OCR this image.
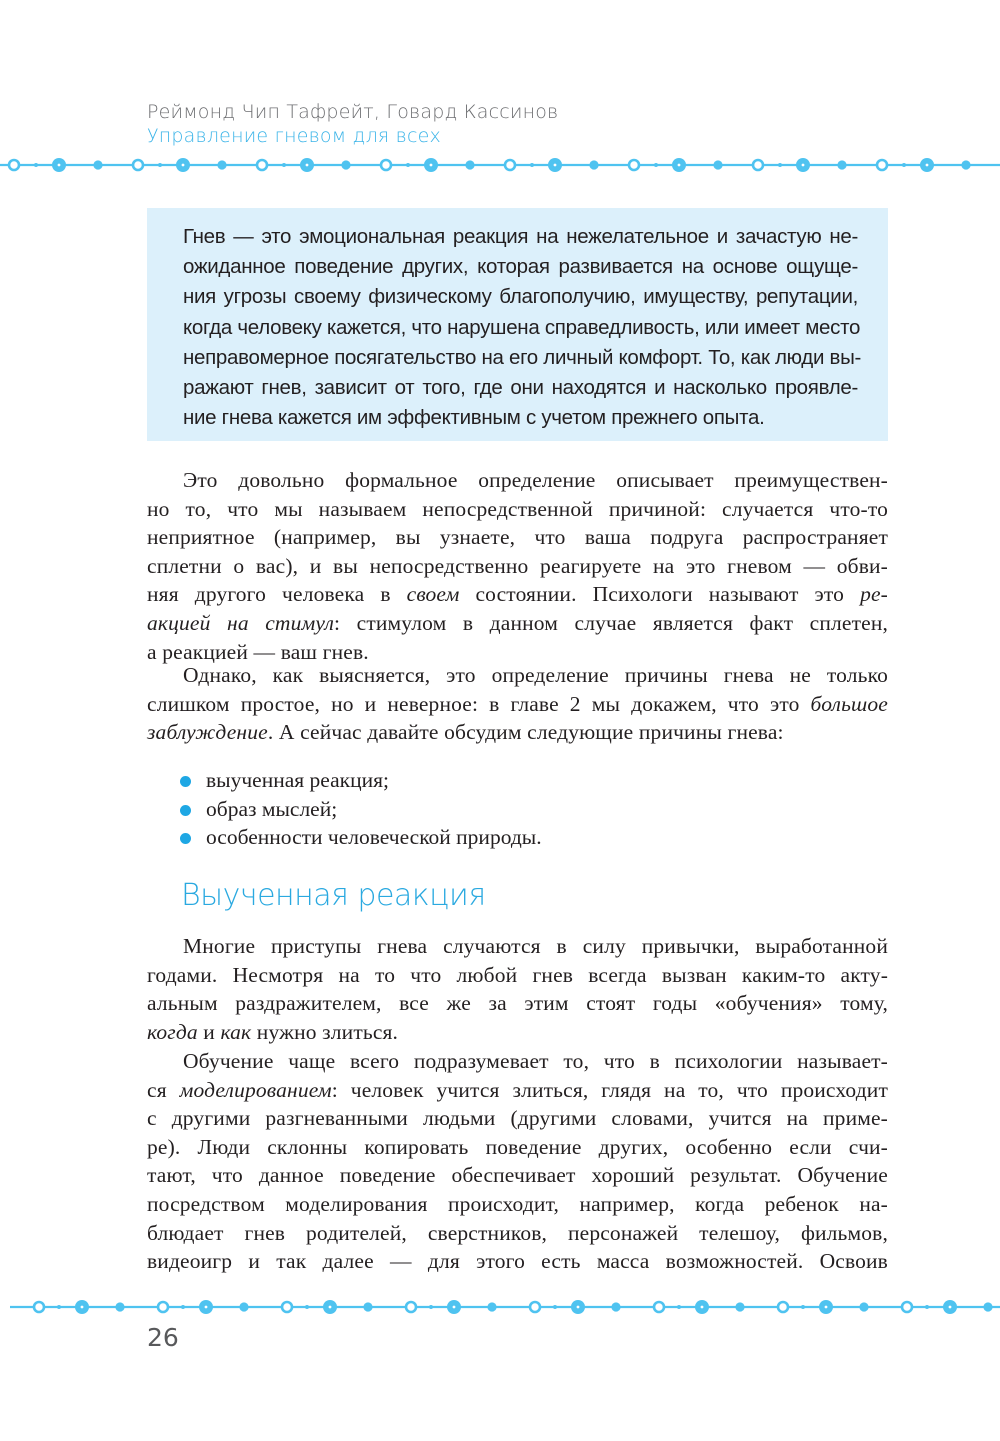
Реймонд Чип Тафрейт, Говард Кассинов
Управление гневом для всех

Гнев — это эмоциональная реакция на нежелательное и зачастую не-
ожиданное поведение других, которая развивается на основе ощуще-
ния угрозы своему физическому благополучию, имуществу, репутации,
когда человеку кажется, что нарушена справедливость, или имеет место
неправомерное посягательство на его личный комфорт. То, как люди вы-
ражают гнев, зависит от того, где они находятся и насколько проявле-
ние гнева кажется им эффективным с учетом прежнего опыта.

Это довольно формальное определение описывает преимуществен-
но то, что мы называем непосредственной причиной: случается что-то
неприятное (например, вы узнаете, что ваша подруга распространяет
сплетни о вас), и вы непосредственно реагируете на это гневом — обви-
няя другого человека в своем состоянии. Психологи называют это ре-
акцией на стимул: стимулом в данном случае является факт сплетен,
а реакцией — ваш гнев.
Однако, как выясняется, это определение причины гнева не только
слишком простое, но и неверное: в главе 2 мы докажем, что это большое
заблуждение. А сейчас давайте обсудим следующие причины гнева:
выученная реакция;
образ мыслей;
особенности человеческой природы.
Выученная реакция
Многие приступы гнева случаются в силу привычки, выработанной
годами. Несмотря на то что любой гнев всегда вызван каким-то акту-
альным раздражителем, все же за этим стоят годы «обучения» тому,
когда и как нужно злиться.
Обучение чаще всего подразумевает то, что в психологии называет-
ся моделированием: человек учится злиться, глядя на то, что происходит
с другими разгневанными людьми (другими словами, учится на приме-
ре). Люди склонны копировать поведение других, особенно если счи-
тают, что данное поведение обеспечивает хороший результат. Обучение
посредством моделирования происходит, например, когда ребенок на-
блюдает гнев родителей, сверстников, персонажей телешоу, фильмов,
видеоигр и так далее — для этого есть масса возможностей. Освоив
26
